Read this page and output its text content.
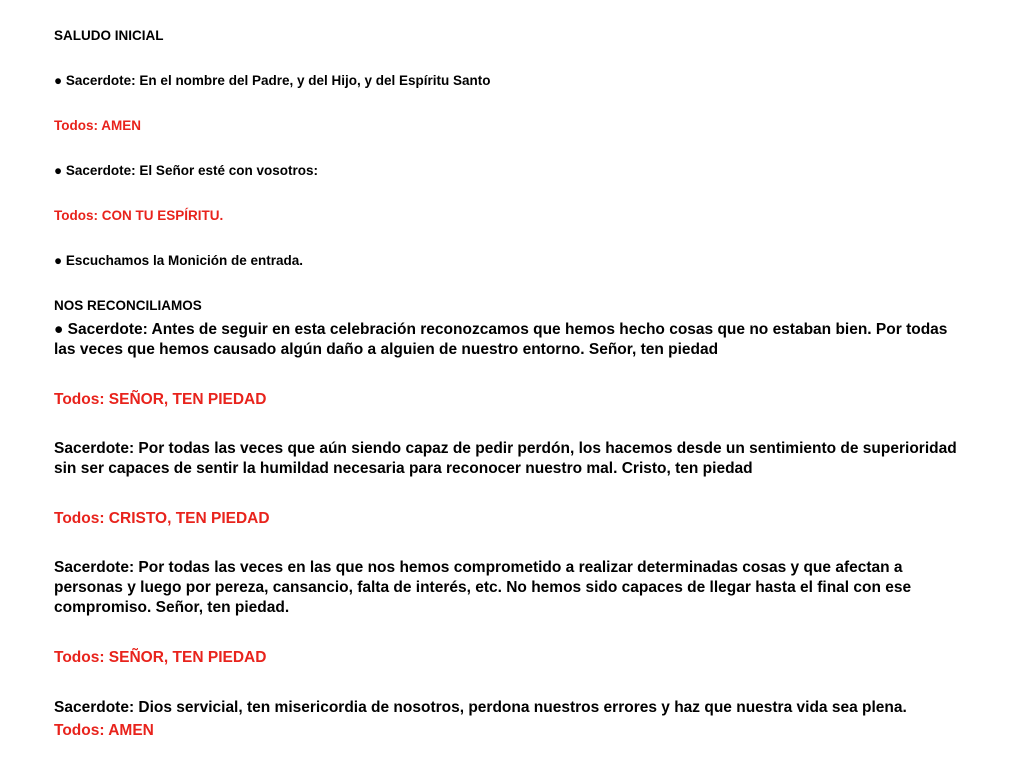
SALUDO INICIAL

● Sacerdote: En el nombre del Padre, y del Hijo, y del Espíritu Santo

Todos: AMEN

● Sacerdote: El Señor esté con vosotros:

Todos: CON TU ESPÍRITU.

● Escuchamos la Monición de entrada.

NOS RECONCILIAMOS

● Sacerdote: Antes de seguir en esta celebración reconozcamos que hemos hecho cosas que no estaban bien. Por todas las veces que hemos causado algún daño a alguien de nuestro entorno. Señor, ten piedad

Todos: SEÑOR, TEN PIEDAD

Sacerdote: Por todas las veces que aún siendo capaz de pedir perdón, los hacemos desde un sentimiento de superioridad sin ser capaces de sentir la humildad necesaria para reconocer nuestro mal. Cristo, ten piedad

Todos: CRISTO, TEN PIEDAD

Sacerdote: Por todas las veces en las que nos hemos comprometido a realizar determinadas cosas y que afectan a personas y luego por pereza, cansancio, falta de interés, etc. No hemos sido capaces de llegar hasta el final con ese compromiso. Señor, ten piedad.

Todos: SEÑOR, TEN PIEDAD

Sacerdote: Dios servicial, ten misericordia de nosotros, perdona nuestros errores y haz que nuestra vida sea plena.

Todos: AMEN
